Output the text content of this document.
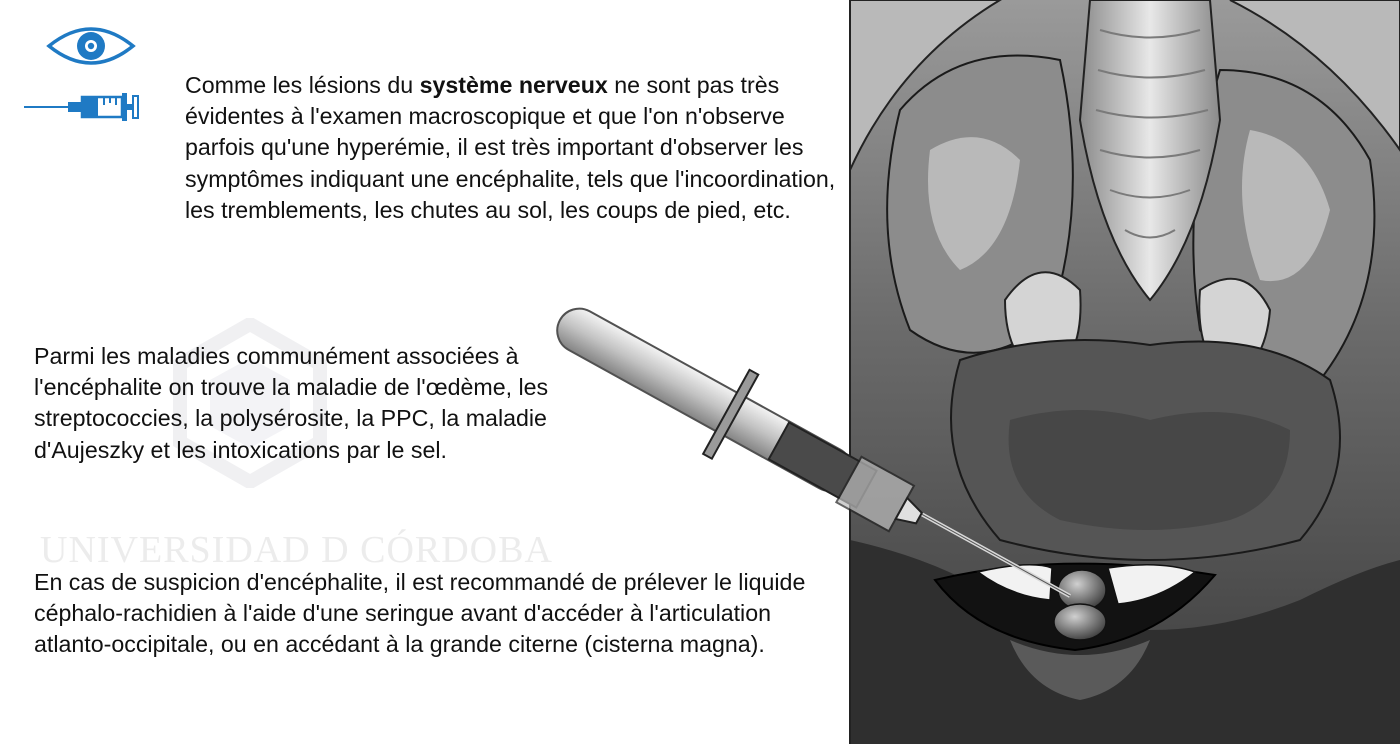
UNIVERSIDAD D CÓRDOBA
Comme les lésions du système nerveux ne sont pas très évidentes à l'examen macroscopique et que l'on n'observe parfois qu'une hyperémie, il est très important d'observer les symptômes indiquant une encéphalite, tels que l'incoordination, les tremblements, les chutes au sol, les coups de pied, etc.
Parmi les maladies communément associées à l'encéphalite on trouve la maladie de l'œdème, les streptococcies, la polysérosite, la PPC, la maladie d'Aujeszky et les intoxications par le sel.
En cas de suspicion d'encéphalite, il est recommandé de prélever le liquide céphalo-rachidien à l'aide d'une seringue avant d'accéder à l'articulation atlanto-occipitale, ou en accédant à la grande citerne (cisterna magna).
